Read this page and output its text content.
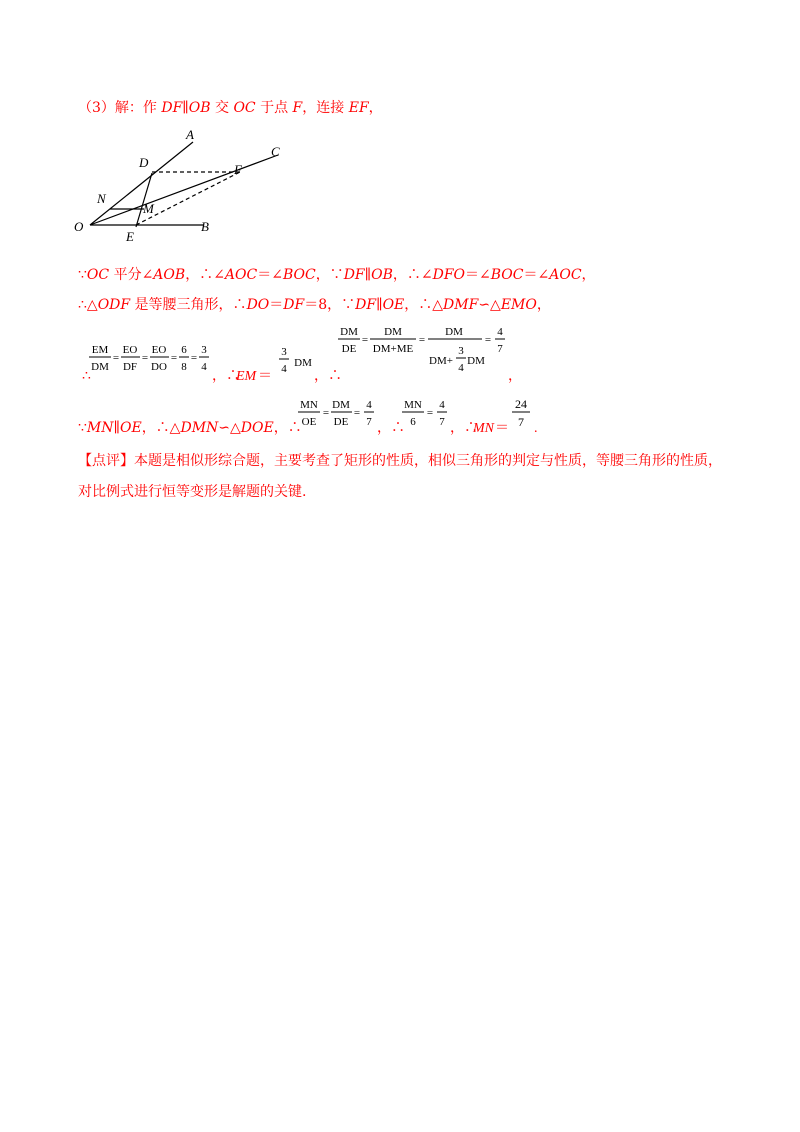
（3）解：作 DF∥OB 交 OC 于点 F，连接 EF，
A
C
D	F
N
M
O
E
B
∵OC 平分∠AOB，∴∠AOC＝∠BOC，∵DF∥OB，∴∠DFO＝∠BOC＝∠AOC，
∴△ODF 是等腰三角形，∴DO＝DF＝8，∵DF∥OE，∴△DMF∽△EMO，
∴
EM
DM
=
EO
DF
=
EO
DO
=
6
8
=
3
4
，∴
EM ＝
3
4 DM
，∴
DM
DE
=
DM
DM+ME
=
DM
DM+
3
4
DM
=
4
7
，
∵MN∥OE，∴△DMN∽△DOE，∴
MN
OE
=
DM
DE
=
4
7 ，∴
MN
6
=
4
7 ，∴
MN ＝
24
7 .
【点评】本题是相似形综合题，主要考查了矩形的性质，相似三角形的判定与性质，等腰三角形的性质，
对比例式进行恒等变形是解题的关键.
